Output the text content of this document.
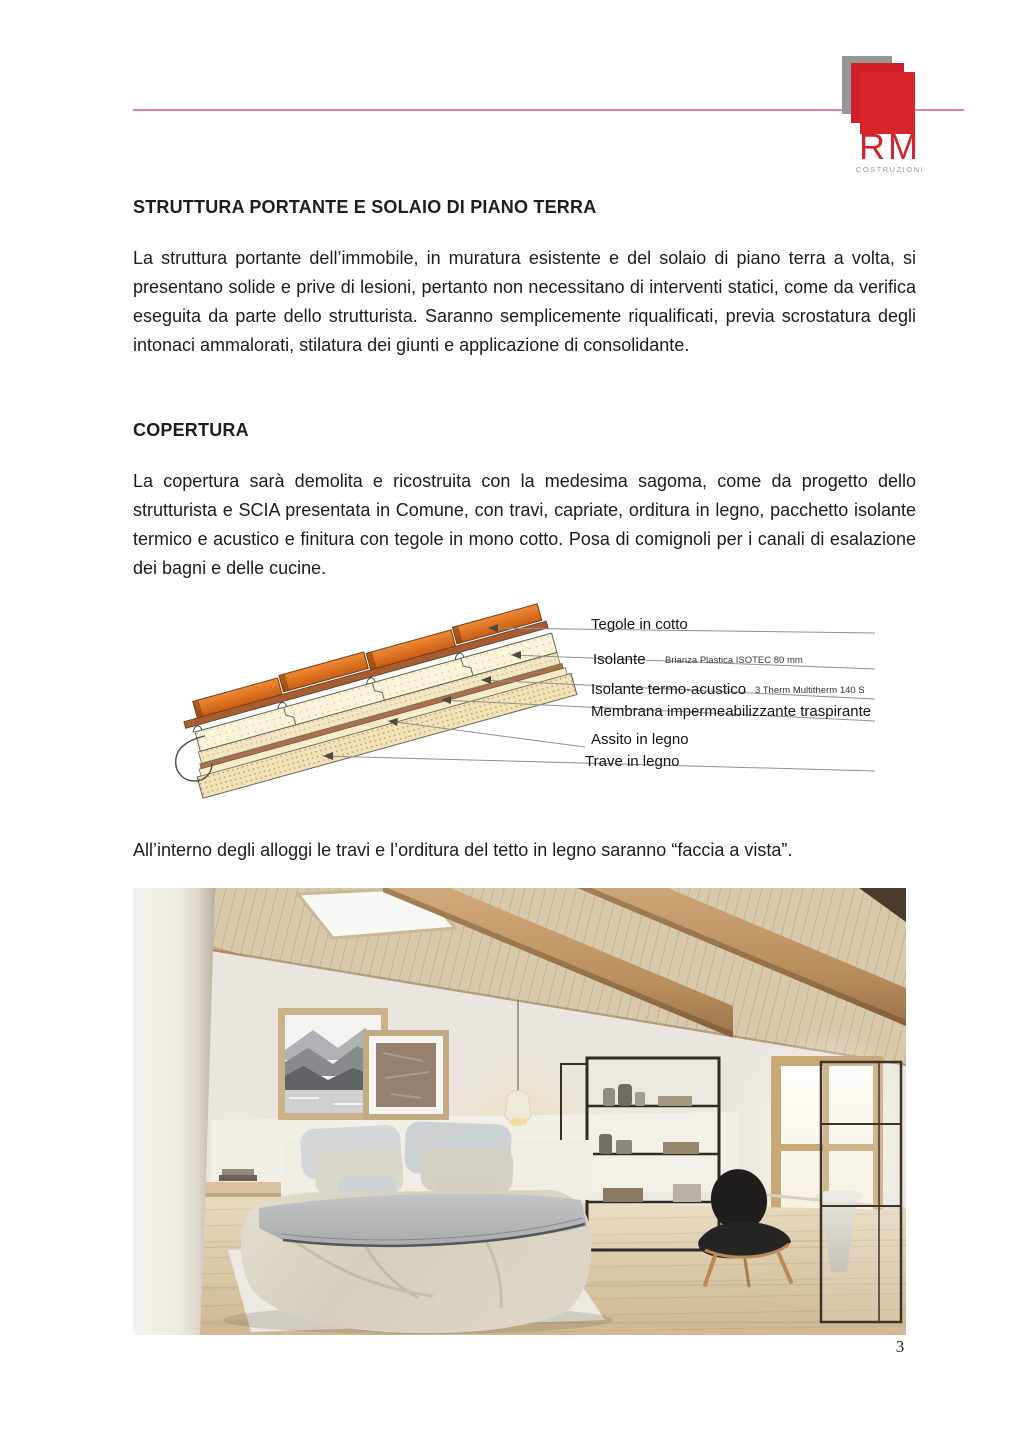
RM
COSTRUZIONI
STRUTTURA PORTANTE E SOLAIO DI PIANO TERRA
La struttura portante dell’immobile, in muratura esistente e del solaio di piano terra a volta, si presentano solide e prive di lesioni, pertanto non necessitano di interventi statici, come da verifica eseguita da parte dello strutturista. Saranno semplicemente riqualificati, previa scrostatura degli intonaci ammalorati, stilatura dei giunti e applicazione di consolidante.
COPERTURA
La copertura sarà demolita e ricostruita con la medesima sagoma, come da progetto dello strutturista e SCIA presentata in Comune, con travi, capriate, orditura in legno, pacchetto isolante termico e acustico e finitura con tegole in mono cotto. Posa di comignoli per i canali di esalazione dei bagni e delle cucine.
Tegole in cotto
Isolante Brianza Plastica ISOTEC 80 mm
Isolante termo-acustico 3 Therm Multitherm 140 S
Membrana impermeabilizzante traspirante
Assito in legno
Trave in legno
All’interno degli alloggi le travi e l’orditura del tetto in legno saranno “faccia a vista”.
3
